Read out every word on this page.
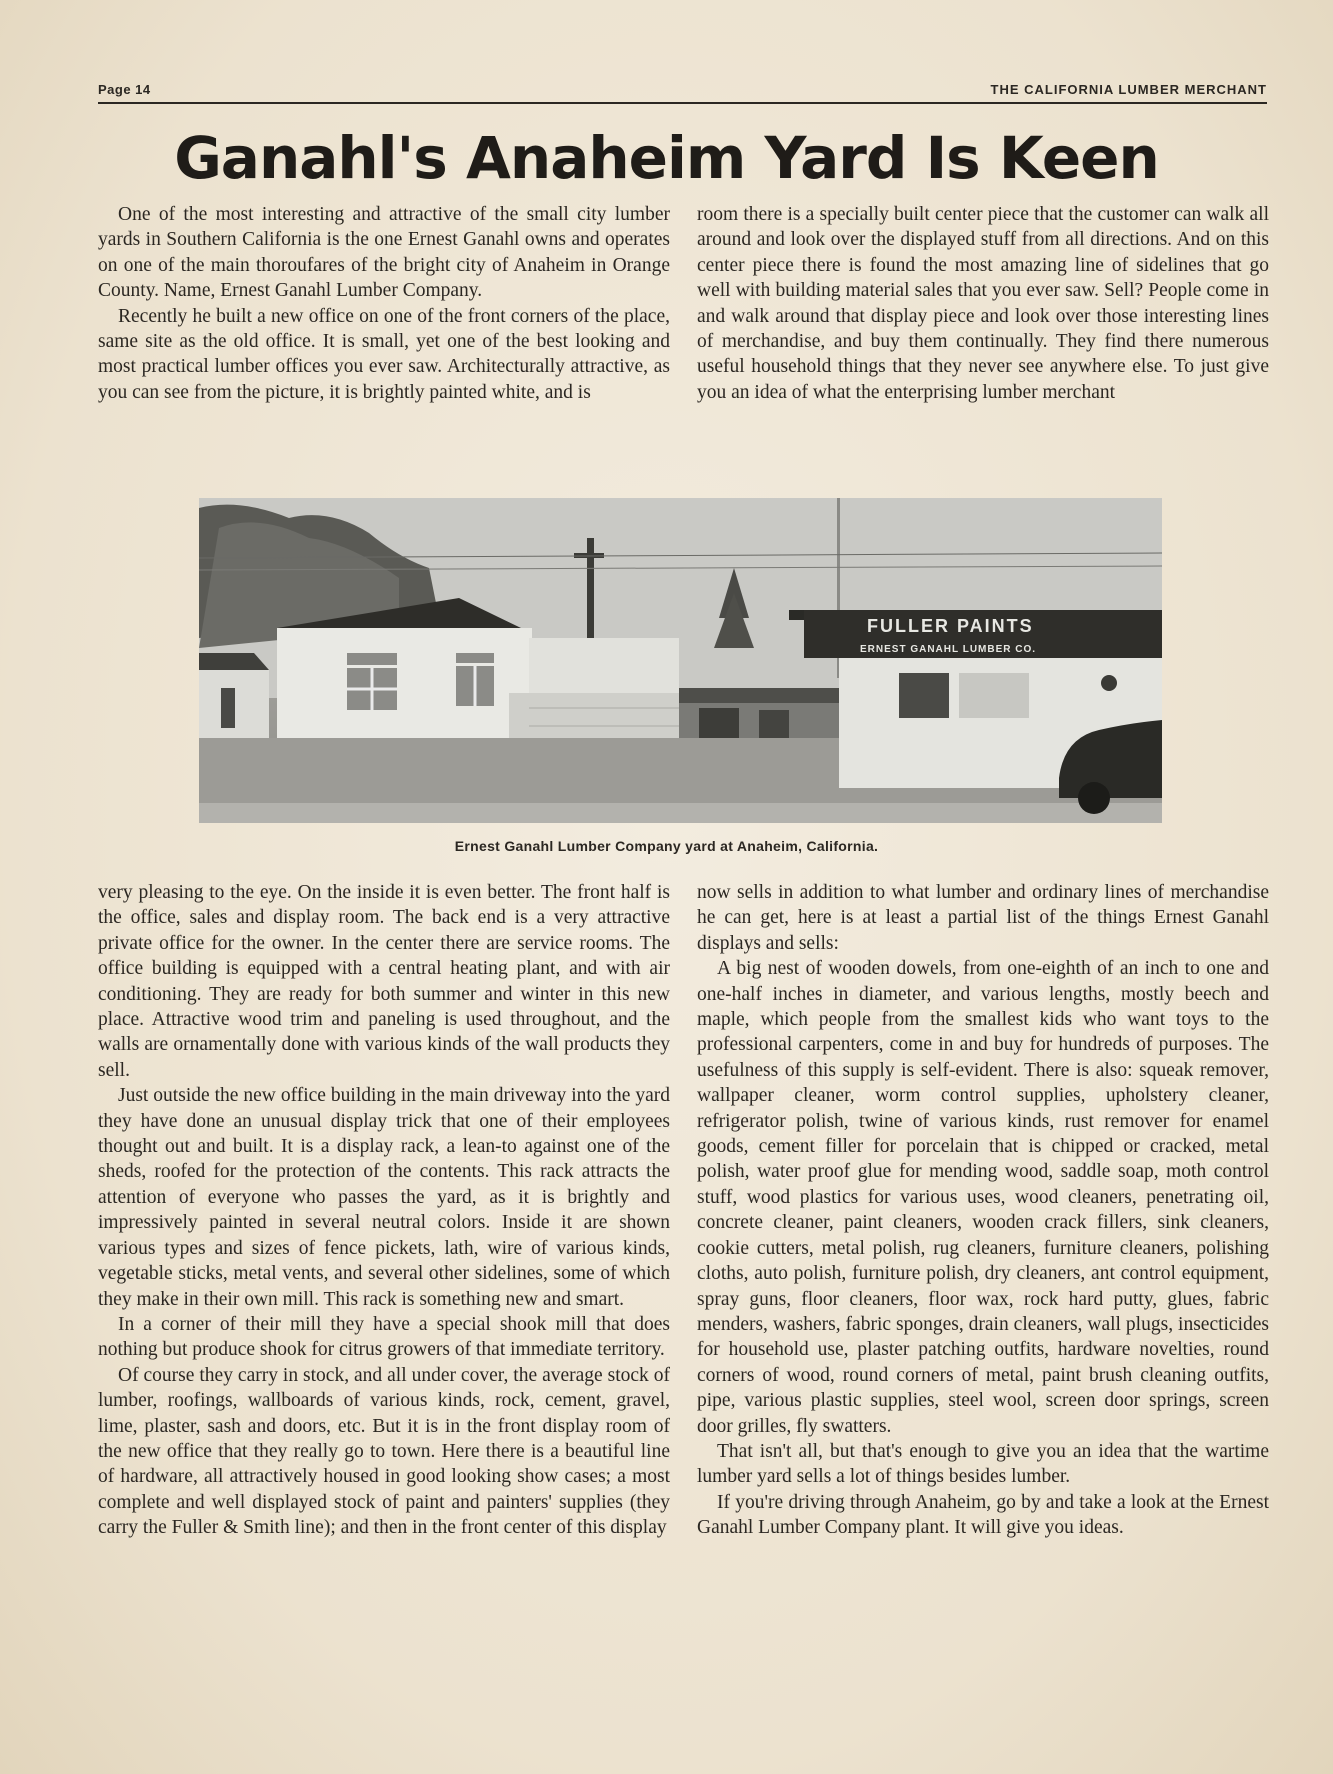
Page 14	THE CALIFORNIA LUMBER MERCHANT
Ganahl's Anaheim Yard Is Keen

One of the most interesting and attractive of the small city lumber yards in Southern California is the one Ernest Ganahl owns and operates on one of the main thoroufares of the bright city of Anaheim in Orange County. Name, Ernest Ganahl Lumber Company.

Recently he built a new office on one of the front corners of the place, same site as the old office. It is small, yet one of the best looking and most practical lumber offices you ever saw. Architecturally attractive, as you can see from the picture, it is brightly painted white, and is

room there is a specially built center piece that the customer can walk all around and look over the displayed stuff from all directions. And on this center piece there is found the most amazing line of sidelines that go well with building material sales that you ever saw. Sell? People come in and walk around that display piece and look over those interesting lines of merchandise, and buy them continually. They find there numerous useful household things that they never see anywhere else. To just give you an idea of what the enterprising lumber merchant

FULLER PAINTS
ERNEST GANAHL LUMBER CO.
Ernest Ganahl Lumber Company yard at Anaheim, California.

very pleasing to the eye. On the inside it is even better. The front half is the office, sales and display room. The back end is a very attractive private office for the owner. In the center there are service rooms. The office building is equipped with a central heating plant, and with air conditioning. They are ready for both summer and winter in this new place. Attractive wood trim and paneling is used throughout, and the walls are ornamentally done with various kinds of the wall products they sell.

Just outside the new office building in the main driveway into the yard they have done an unusual display trick that one of their employees thought out and built. It is a display rack, a lean-to against one of the sheds, roofed for the protection of the contents. This rack attracts the attention of everyone who passes the yard, as it is brightly and impressively painted in several neutral colors. Inside it are shown various types and sizes of fence pickets, lath, wire of various kinds, vegetable sticks, metal vents, and several other sidelines, some of which they make in their own mill. This rack is something new and smart.

In a corner of their mill they have a special shook mill that does nothing but produce shook for citrus growers of that immediate territory.

Of course they carry in stock, and all under cover, the average stock of lumber, roofings, wallboards of various kinds, rock, cement, gravel, lime, plaster, sash and doors, etc. But it is in the front display room of the new office that they really go to town. Here there is a beautiful line of hardware, all attractively housed in good looking show cases; a most complete and well displayed stock of paint and painters' supplies (they carry the Fuller & Smith line); and then in the front center of this display

now sells in addition to what lumber and ordinary lines of merchandise he can get, here is at least a partial list of the things Ernest Ganahl displays and sells:

A big nest of wooden dowels, from one-eighth of an inch to one and one-half inches in diameter, and various lengths, mostly beech and maple, which people from the smallest kids who want toys to the professional carpenters, come in and buy for hundreds of purposes. The usefulness of this supply is self-evident. There is also: squeak remover, wallpaper cleaner, worm control supplies, upholstery cleaner, refrigerator polish, twine of various kinds, rust remover for enamel goods, cement filler for porcelain that is chipped or cracked, metal polish, water proof glue for mending wood, saddle soap, moth control stuff, wood plastics for various uses, wood cleaners, penetrating oil, concrete cleaner, paint cleaners, wooden crack fillers, sink cleaners, cookie cutters, metal polish, rug cleaners, furniture cleaners, polishing cloths, auto polish, furniture polish, dry cleaners, ant control equipment, spray guns, floor cleaners, floor wax, rock hard putty, glues, fabric menders, washers, fabric sponges, drain cleaners, wall plugs, insecticides for household use, plaster patching outfits, hardware novelties, round corners of wood, round corners of metal, paint brush cleaning outfits, pipe, various plastic supplies, steel wool, screen door springs, screen door grilles, fly swatters.

That isn't all, but that's enough to give you an idea that the wartime lumber yard sells a lot of things besides lumber.

If you're driving through Anaheim, go by and take a look at the Ernest Ganahl Lumber Company plant. It will give you ideas.
